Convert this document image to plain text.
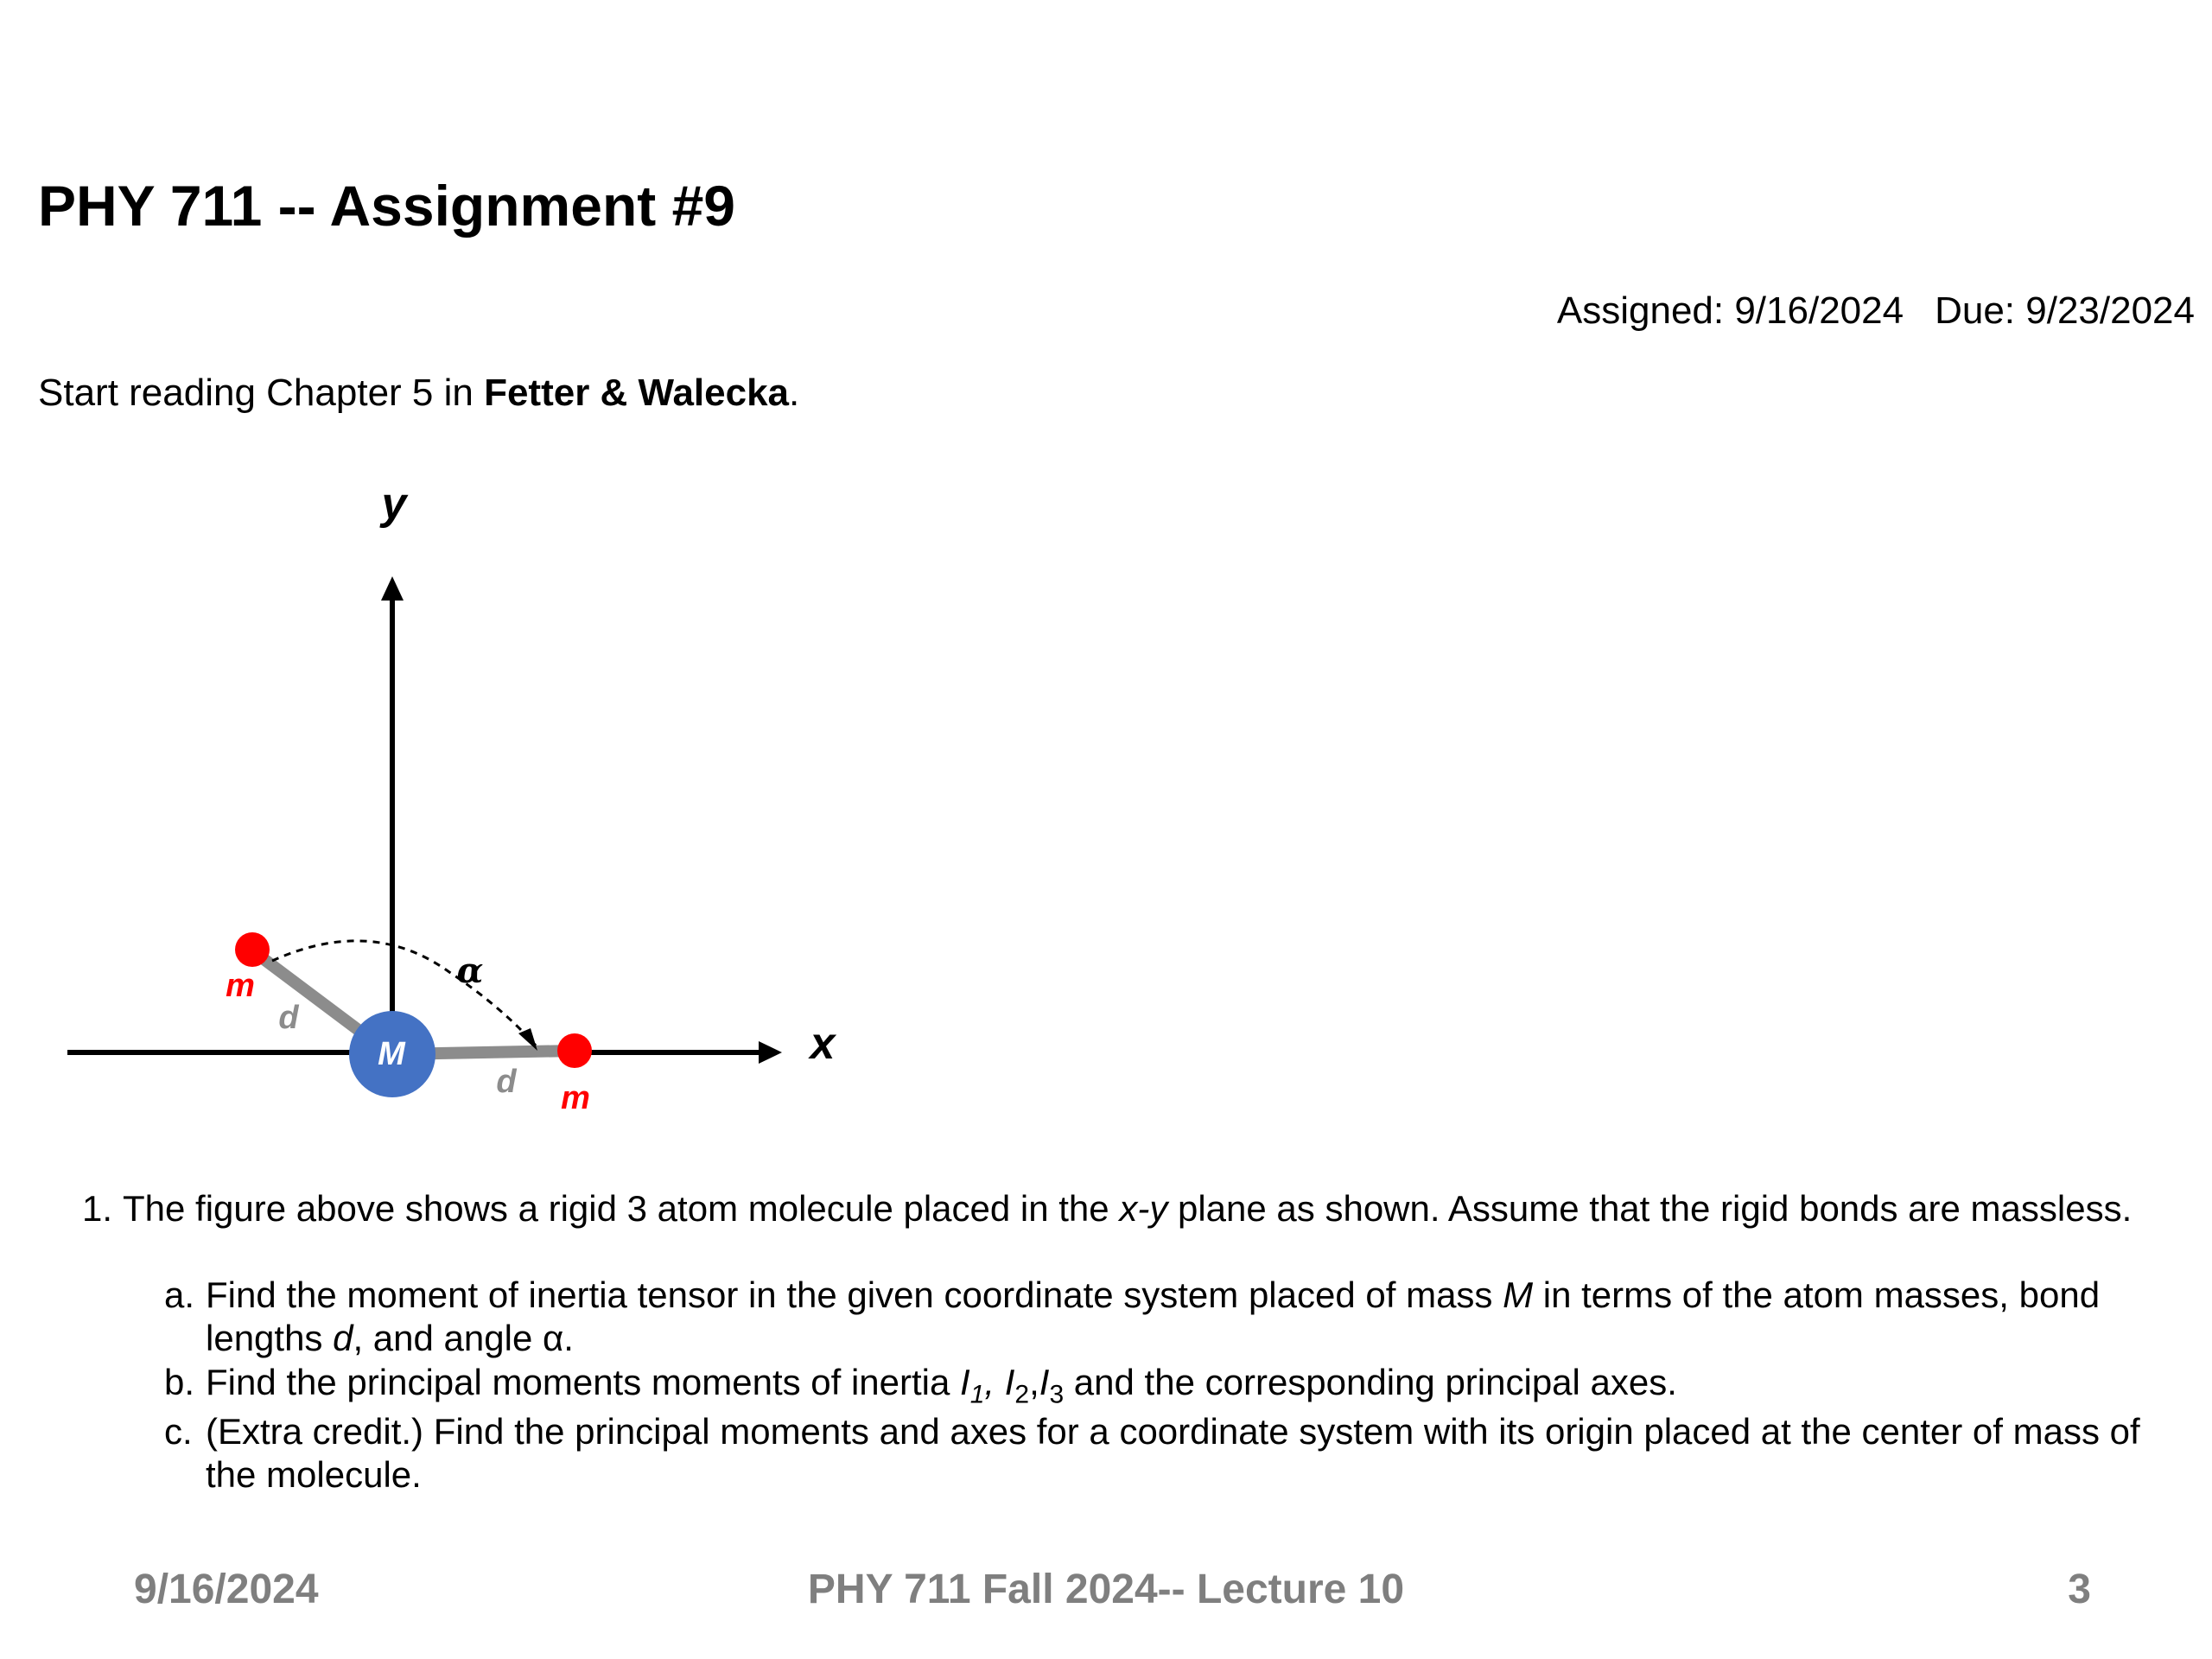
PHY 711 -- Assignment #9
Assigned: 9/16/2024 Due: 9/23/2024
Start reading Chapter 5 in Fetter & Walecka.
M
m
m
d
d
α
x
y
1. The figure above shows a rigid 3 atom molecule placed in the x-y plane as shown. Assume that the rigid bonds are massless.
a. Find the moment of inertia tensor in the given coordinate system placed of mass M in terms of the atom masses, bond lengths d, and angle α.
b. Find the principal moments moments of inertia $I_1$, $I_2,I_3$ and the corresponding principal axes.
c. (Extra credit.) Find the principal moments and axes for a coordinate system with its origin placed at the center of mass of the molecule.
9/16/2024	PHY 711 Fall 2024-- Lecture 10	3
